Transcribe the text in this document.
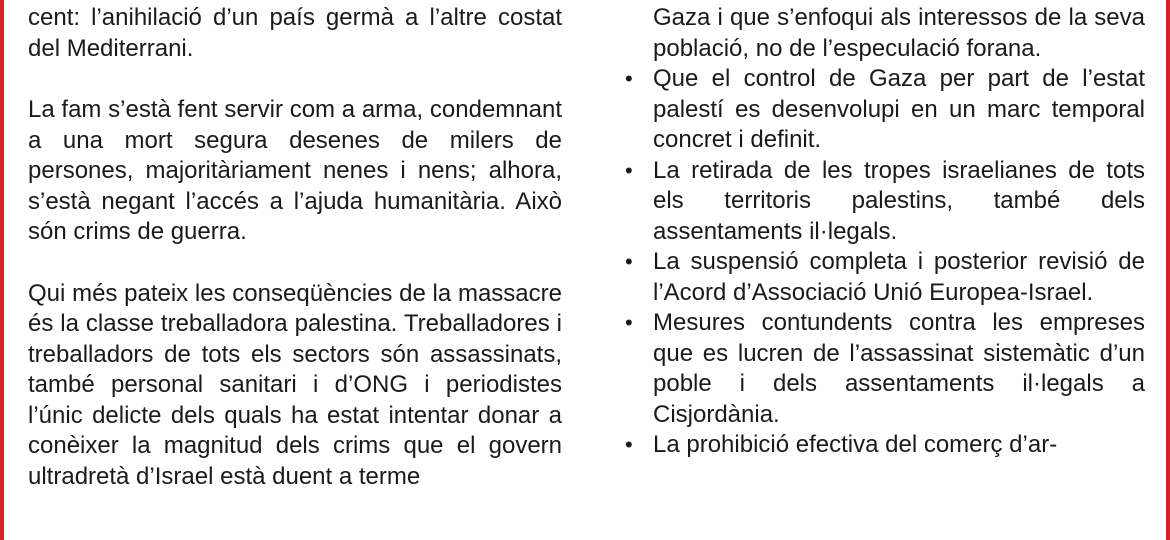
cent: l’anihilació d’un país germà a l’altre costat del Mediterrani.

La fam s’està fent servir com a arma, condemnant a una mort segura desenes de milers de persones, majoritàriament nenes i nens; alhora, s’està negant l’accés a l’ajuda humanitària. Això són crims de guerra.

Qui més pateix les conseqüències de la massacre és la classe treballadora palestina. Treballadores i treballadors de tots els sectors són assassinats, també personal sanitari i d’ONG i periodistes l’únic delicte dels quals ha estat intentar donar a conèixer la magnitud dels crims que el govern ultradretà d’Israel està duent a terme

Gaza i que s’enfoqui als interessos de la seva població, no de l’especulació forana.

• Que el control de Gaza per part de l’estat palestí es desenvolupi en un marc temporal concret i definit.
• La retirada de les tropes israelianes de tots els territoris palestins, també dels assentaments il·legals.
• La suspensió completa i posterior revisió de l’Acord d’Associació Unió Europea-Israel.
• Mesures contundents contra les empreses que es lucren de l’assassinat sistemàtic d’un poble i dels assentaments il·legals a Cisjordània.
• La prohibició efectiva del comerç d’ar-
